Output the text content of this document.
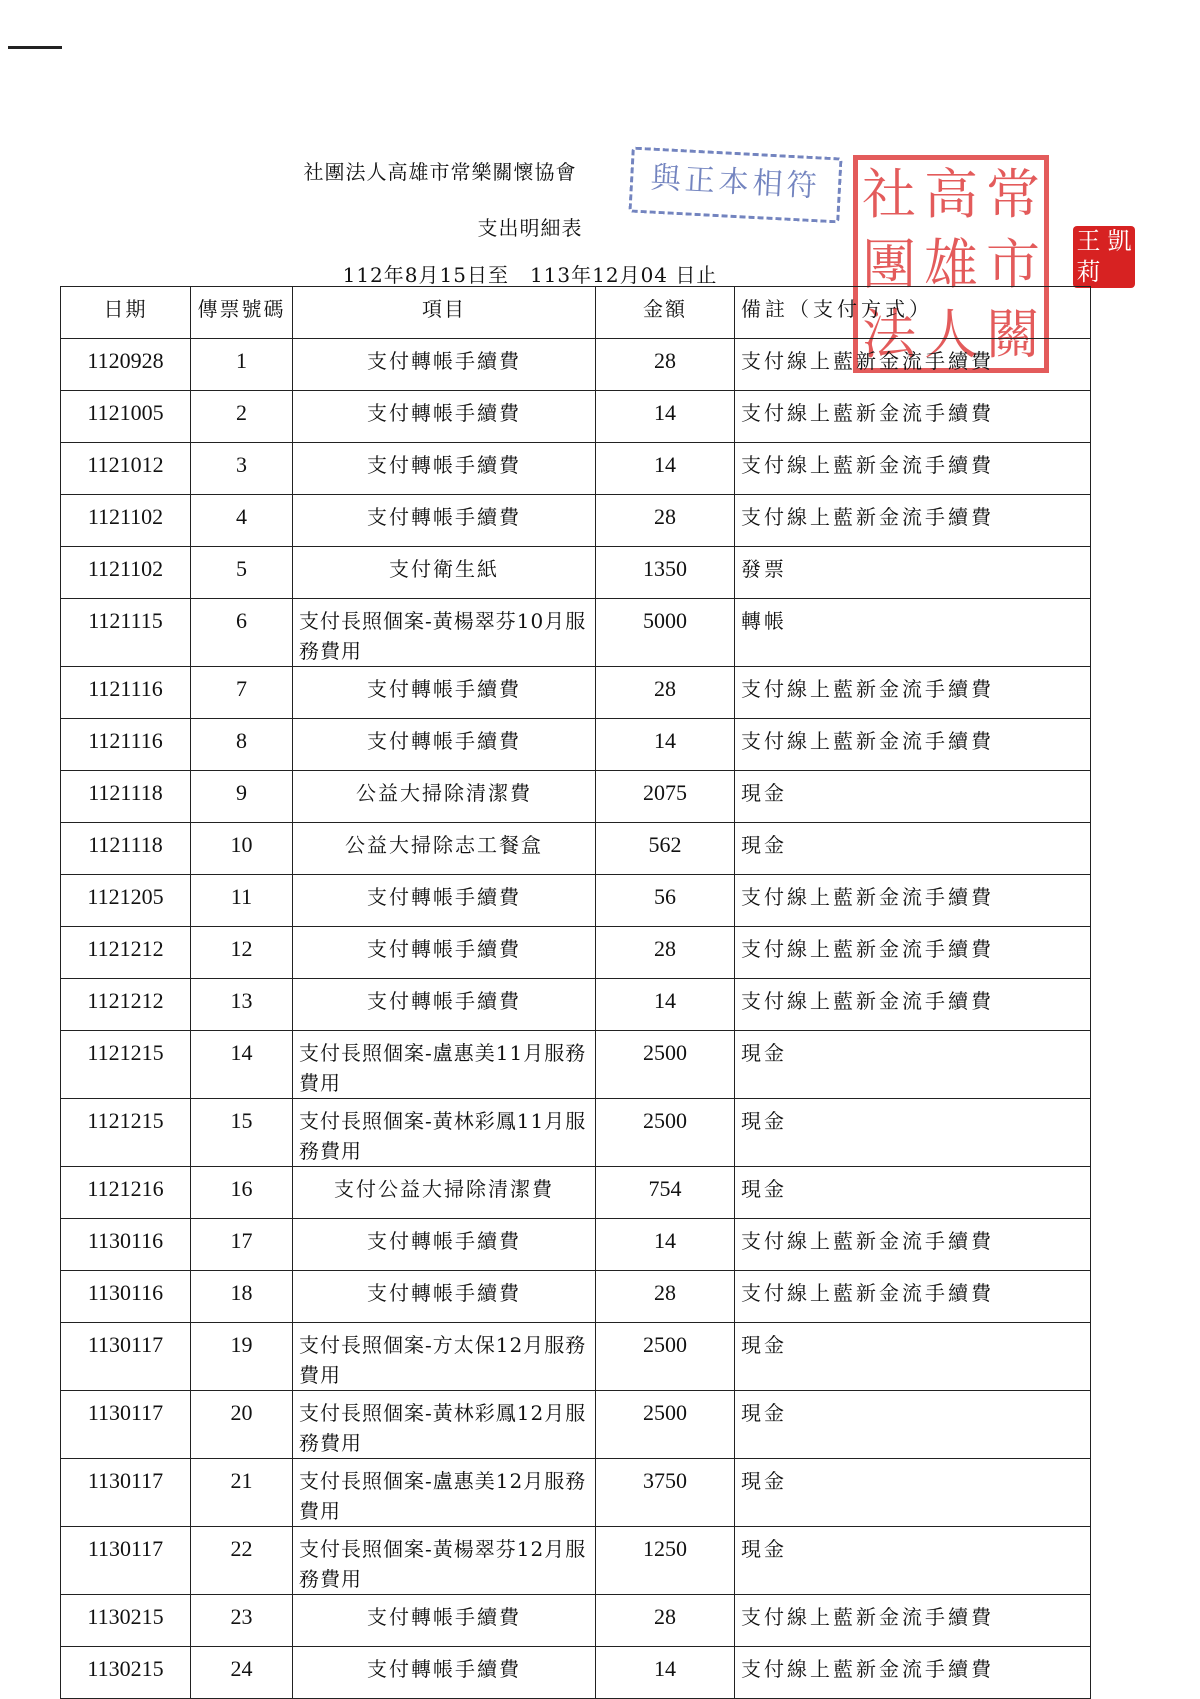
社團法人高雄市常樂關懷協會
支出明細表
112年8月15日至　113年12月04 日止
與正本相符 社 高 常
團 雄 市
法 人 關
王 凱
莉
日期	傳票號碼	項目	金額	備註（支付方式）
1120928	1	支付轉帳手續費	28	支付線上藍新金流手續費
1121005	2	支付轉帳手續費	14	支付線上藍新金流手續費
1121012	3	支付轉帳手續費	14	支付線上藍新金流手續費
1121102	4	支付轉帳手續費	28	支付線上藍新金流手續費
1121102	5	支付衛生紙	1350	發票
1121115	6	支付長照個案-黃楊翠芬10月服務費用	5000	轉帳
1121116	7	支付轉帳手續費	28	支付線上藍新金流手續費
1121116	8	支付轉帳手續費	14	支付線上藍新金流手續費
1121118	9	公益大掃除清潔費	2075	現金
1121118	10	公益大掃除志工餐盒	562	現金
1121205	11	支付轉帳手續費	56	支付線上藍新金流手續費
1121212	12	支付轉帳手續費	28	支付線上藍新金流手續費
1121212	13	支付轉帳手續費	14	支付線上藍新金流手續費
1121215	14	支付長照個案-盧惠美11月服務費用	2500	現金
1121215	15	支付長照個案-黃林彩鳳11月服務費用	2500	現金
1121216	16	支付公益大掃除清潔費	754	現金
1130116	17	支付轉帳手續費	14	支付線上藍新金流手續費
1130116	18	支付轉帳手續費	28	支付線上藍新金流手續費
1130117	19	支付長照個案-方太保12月服務費用	2500	現金
1130117	20	支付長照個案-黃林彩鳳12月服務費用	2500	現金
1130117	21	支付長照個案-盧惠美12月服務費用	3750	現金
1130117	22	支付長照個案-黃楊翠芬12月服務費用	1250	現金
1130215	23	支付轉帳手續費	28	支付線上藍新金流手續費
1130215	24	支付轉帳手續費	14	支付線上藍新金流手續費
